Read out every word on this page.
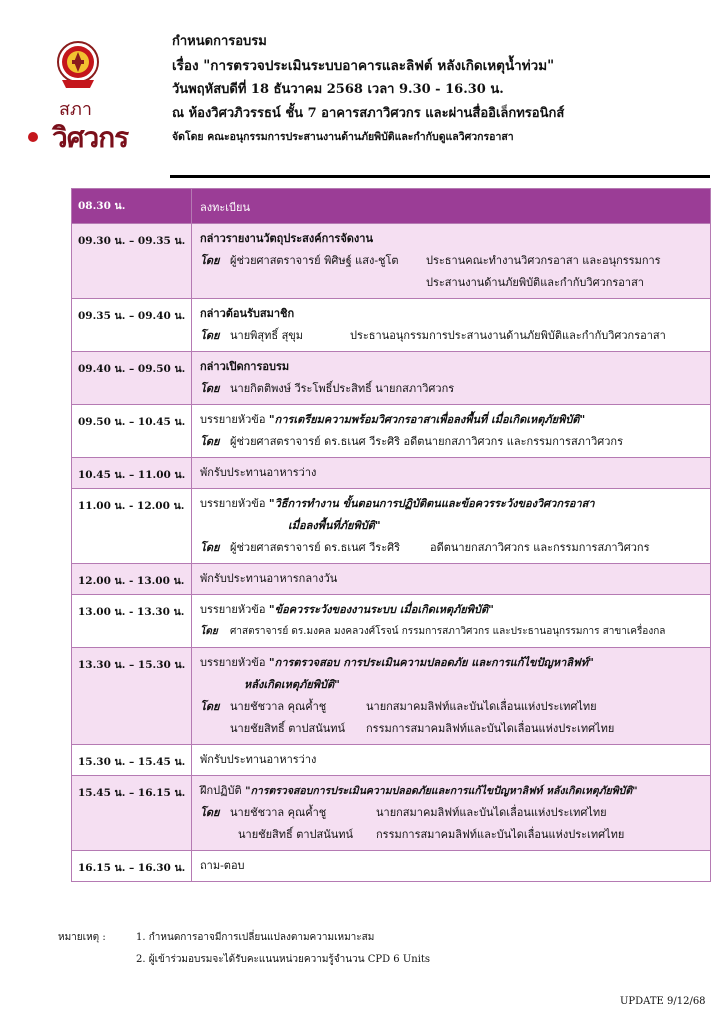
สภา
วิศวกร
กำหนดการอบรม
เรื่อง "การตรวจประเมินระบบอาคารและลิฟต์ หลังเกิดเหตุน้ำท่วม"
วันพฤหัสบดีที่ 18 ธันวาคม 2568 เวลา 9.30 - 16.30 น.
ณ ห้องวิศวภิวรรธน์ ชั้น 7 อาคารสภาวิศวกร และผ่านสื่ออิเล็กทรอนิกส์
จัดโดย คณะอนุกรรมการประสานงานด้านภัยพิบัติและกำกับดูแลวิศวกรอาสา
08.30 น.	ลงทะเบียน
09.30 น. – 09.35 น.	กล่าวรายงานวัตถุประสงค์การจัดงาน
โดย ผู้ช่วยศาสตราจารย์ พิศิษฐ์ แสง-ชูโต ประธานคณะทำงานวิศวกรอาสา และอนุกรรมการ
ประสานงานด้านภัยพิบัติและกำกับวิศวกรอาสา
09.35 น. – 09.40 น.	กล่าวต้อนรับสมาชิก
โดย นายพิสุทธิ์ สุขุม	ประธานอนุกรรมการประสานงานด้านภัยพิบัติและกำกับวิศวกรอาสา
09.40 น. – 09.50 น.	กล่าวเปิดการอบรม
โดย นายกิตติพงษ์ วีระโพธิ์ประสิทธิ์ นายกสภาวิศวกร
09.50 น. – 10.45 น.	บรรยายหัวข้อ "การเตรียมความพร้อมวิศวกรอาสาเพื่อลงพื้นที่ เมื่อเกิดเหตุภัยพิบัติ"
โดย ผู้ช่วยศาสตราจารย์ ดร.ธเนศ วีระศิริ อดีตนายกสภาวิศวกร และกรรมการสภาวิศวกร
10.45 น. – 11.00 น.	พักรับประทานอาหารว่าง
11.00 น. - 12.00 น.	บรรยายหัวข้อ "วิธีการทำงาน ขั้นตอนการปฏิบัติตนและข้อควรระวังของวิศวกรอาสา
เมื่อลงพื้นที่ภัยพิบัติ"
โดย ผู้ช่วยศาสตราจารย์ ดร.ธเนศ วีระศิริ	อดีตนายกสภาวิศวกร และกรรมการสภาวิศวกร
12.00 น. - 13.00 น.	พักรับประทานอาหารกลางวัน
13.00 น. - 13.30 น.	บรรยายหัวข้อ "ข้อควรระวังของงานระบบ เมื่อเกิดเหตุภัยพิบัติ"
โดย ศาสตราจารย์ ดร.มงคล มงคลวงศ์โรจน์ กรรมการสภาวิศวกร และประธานอนุกรรมการ สาขาเครื่องกล
13.30 น. – 15.30 น.	บรรยายหัวข้อ "การตรวจสอบ การประเมินความปลอดภัย และการแก้ไขปัญหาลิฟท์"
หลังเกิดเหตุภัยพิบัติ"
โดย นายชัชวาล คุณค้ำชู	นายกสมาคมลิฟท์และบันไดเลื่อนแห่งประเทศไทย
นายชัยสิทธิ์ ตาปสนันทน์ กรรมการสมาคมลิฟท์และบันไดเลื่อนแห่งประเทศไทย
15.30 น. – 15.45 น.	พักรับประทานอาหารว่าง
15.45 น. – 16.15 น.	ฝึกปฏิบัติ "การตรวจสอบการประเมินความปลอดภัยและการแก้ไขปัญหาลิฟท์ หลังเกิดเหตุภัยพิบัติ"
โดย นายชัชวาล คุณค้ำชู	นายกสมาคมลิฟท์และบันไดเลื่อนแห่งประเทศไทย
นายชัยสิทธิ์ ตาปสนันทน์ กรรมการสมาคมลิฟท์และบันไดเลื่อนแห่งประเทศไทย
16.15 น. – 16.30 น.	ถาม-ตอบ
หมายเหตุ :	1. กำหนดการอาจมีการเปลี่ยนแปลงตามความเหมาะสม
2. ผู้เข้าร่วมอบรมจะได้รับคะแนนหน่วยความรู้จำนวน CPD 6 Units
UPDATE 9/12/68
